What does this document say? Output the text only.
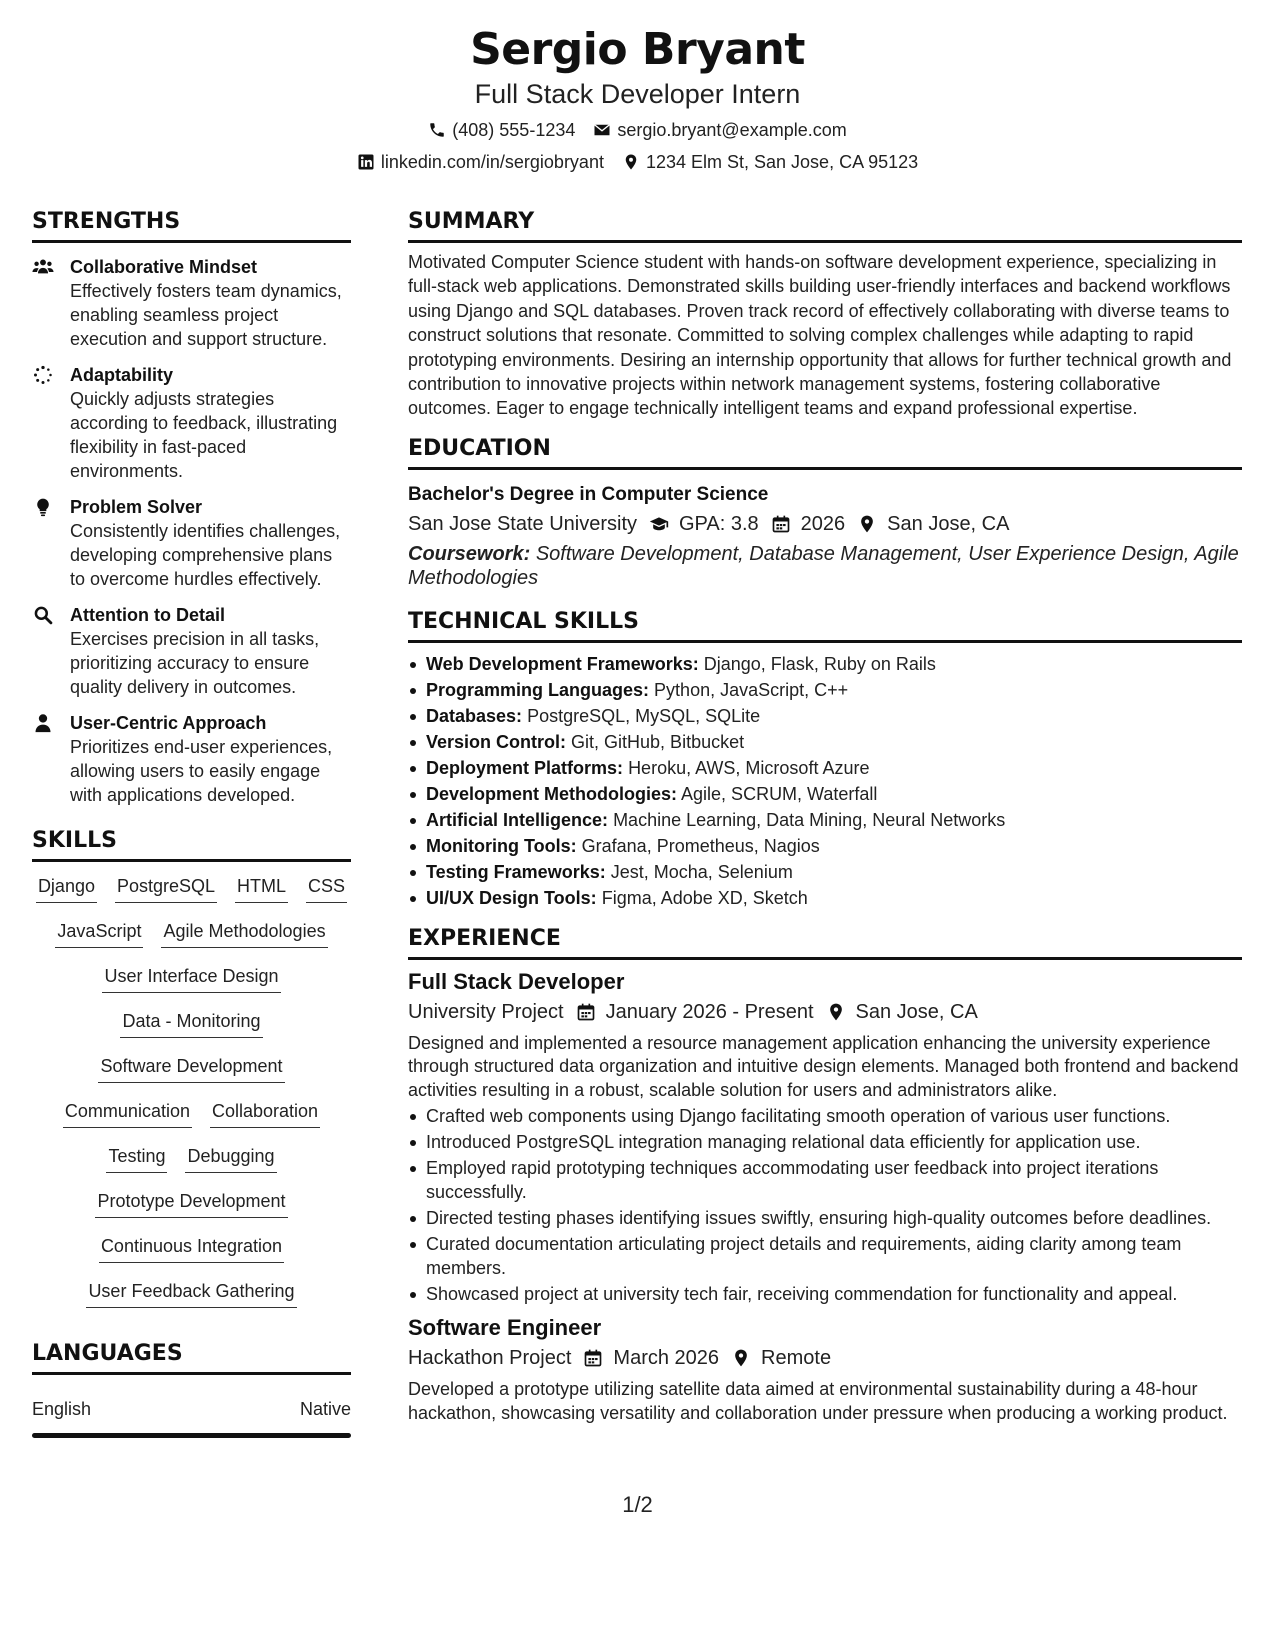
Sergio Bryant
Full Stack Developer Intern
(408) 555-1234 sergio.bryant@example.com
linkedin.com/in/sergiobryant 1234 Elm St, San Jose, CA 95123
STRENGTHS
Collaborative Mindset
Effectively fosters team dynamics, enabling seamless project execution and support structure.
Adaptability
Quickly adjusts strategies according to feedback, illustrating flexibility in fast-paced environments.
Problem Solver
Consistently identifies challenges, developing comprehensive plans to overcome hurdles effectively.
Attention to Detail
Exercises precision in all tasks, prioritizing accuracy to ensure quality delivery in outcomes.
User-Centric Approach
Prioritizes end-user experiences, allowing users to easily engage with applications developed.
SKILLS
Django PostgreSQL HTML CSS
JavaScript Agile Methodologies
User Interface Design
Data - Monitoring
Software Development
Communication Collaboration
Testing Debugging
Prototype Development
Continuous Integration
User Feedback Gathering
LANGUAGES
English	Native
SUMMARY
Motivated Computer Science student with hands-on software development experience, specializing in full-stack web applications. Demonstrated skills building user-friendly interfaces and backend workflows using Django and SQL databases. Proven track record of effectively collaborating with diverse teams to construct solutions that resonate. Committed to solving complex challenges while adapting to rapid prototyping environments. Desiring an internship opportunity that allows for further technical growth and contribution to innovative projects within network management systems, fostering collaborative outcomes. Eager to engage technically intelligent teams and expand professional expertise.
EDUCATION
Bachelor's Degree in Computer Science
San Jose State University GPA: 3.8 2026 San Jose, CA
Coursework: Software Development, Database Management, User Experience Design, Agile Methodologies
TECHNICAL SKILLS
Web Development Frameworks: Django, Flask, Ruby on Rails
Programming Languages: Python, JavaScript, C++
Databases: PostgreSQL, MySQL, SQLite
Version Control: Git, GitHub, Bitbucket
Deployment Platforms: Heroku, AWS, Microsoft Azure
Development Methodologies: Agile, SCRUM, Waterfall
Artificial Intelligence: Machine Learning, Data Mining, Neural Networks
Monitoring Tools: Grafana, Prometheus, Nagios
Testing Frameworks: Jest, Mocha, Selenium
UI/UX Design Tools: Figma, Adobe XD, Sketch
EXPERIENCE
Full Stack Developer
University Project January 2026 - Present San Jose, CA
Designed and implemented a resource management application enhancing the university experience through structured data organization and intuitive design elements. Managed both frontend and backend activities resulting in a robust, scalable solution for users and administrators alike.
Crafted web components using Django facilitating smooth operation of various user functions.
Introduced PostgreSQL integration managing relational data efficiently for application use.
Employed rapid prototyping techniques accommodating user feedback into project iterations successfully.
Directed testing phases identifying issues swiftly, ensuring high-quality outcomes before deadlines.
Curated documentation articulating project details and requirements, aiding clarity among team members.
Showcased project at university tech fair, receiving commendation for functionality and appeal.
Software Engineer
Hackathon Project March 2026 Remote
Developed a prototype utilizing satellite data aimed at environmental sustainability during a 48-hour hackathon, showcasing versatility and collaboration under pressure when producing a working product.
1/2
